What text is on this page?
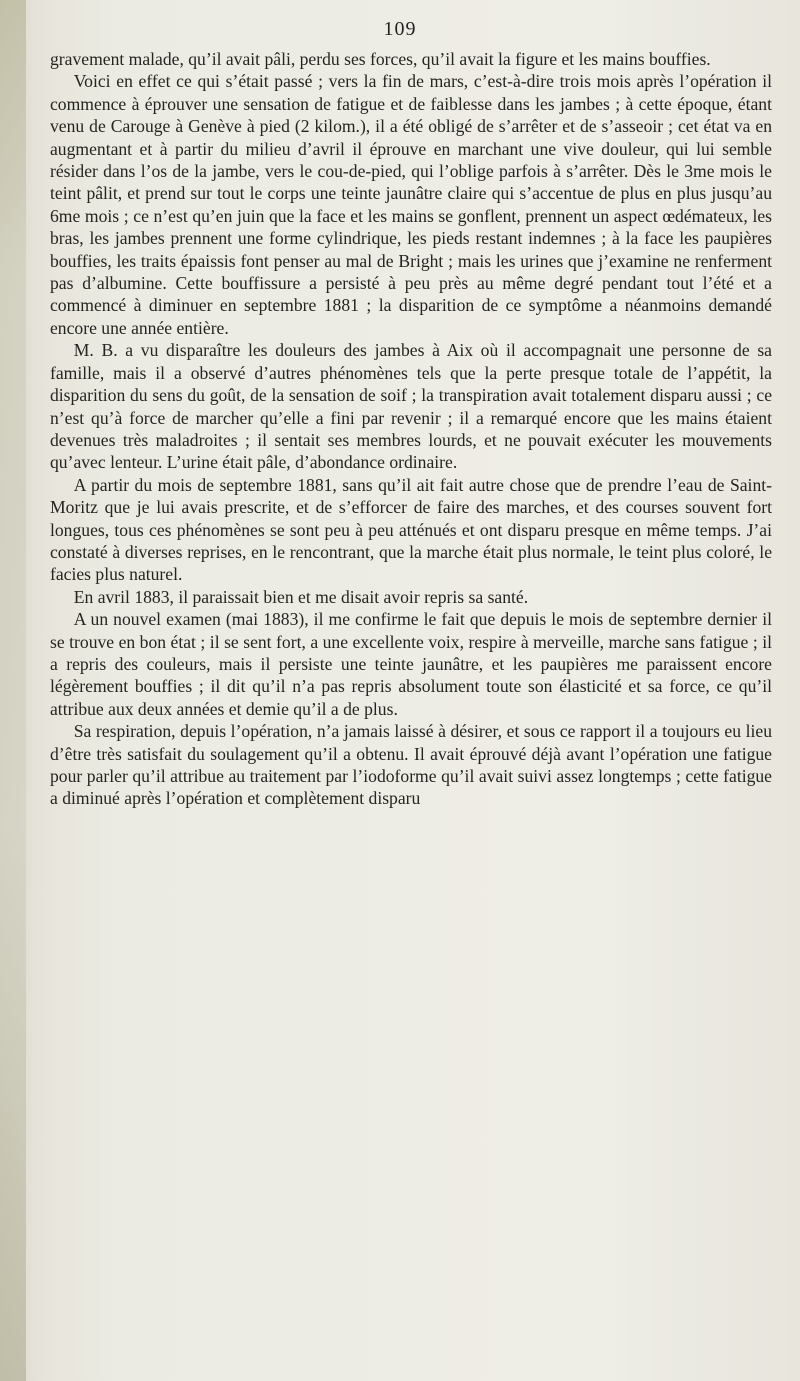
109

gravement malade, qu’il avait pâli, perdu ses forces, qu’il avait la figure et les mains bouffies.

Voici en effet ce qui s’était passé ; vers la fin de mars, c’est-à-dire trois mois après l’opération il commence à éprouver une sensation de fatigue et de faiblesse dans les jambes ; à cette époque, étant venu de Carouge à Genève à pied (2 kilom.), il a été obligé de s’arrêter et de s’asseoir ; cet état va en augmentant et à partir du milieu d’avril il éprouve en marchant une vive douleur, qui lui semble résider dans l’os de la jambe, vers le cou-de-pied, qui l’oblige parfois à s’arrêter. Dès le 3me mois le teint pâlit, et prend sur tout le corps une teinte jaunâtre claire qui s’accentue de plus en plus jusqu’au 6me mois ; ce n’est qu’en juin que la face et les mains se gonflent, prennent un aspect œdémateux, les bras, les jambes prennent une forme cylindrique, les pieds restant indemnes ; à la face les paupières bouffies, les traits épaissis font penser au mal de Bright ; mais les urines que j’examine ne renferment pas d’albumine. Cette bouffissure a persisté à peu près au même degré pendant tout l’été et a commencé à diminuer en septembre 1881 ; la disparition de ce symptôme a néanmoins demandé encore une année entière.

M. B. a vu disparaître les douleurs des jambes à Aix où il accompagnait une personne de sa famille, mais il a observé d’autres phénomènes tels que la perte presque totale de l’appétit, la disparition du sens du goût, de la sensation de soif ; la transpiration avait totalement disparu aussi ; ce n’est qu’à force de marcher qu’elle a fini par revenir ; il a remarqué encore que les mains étaient devenues très maladroites ; il sentait ses membres lourds, et ne pouvait exécuter les mouvements qu’avec lenteur. L’urine était pâle, d’abondance ordinaire.

A partir du mois de septembre 1881, sans qu’il ait fait autre chose que de prendre l’eau de Saint-Moritz que je lui avais prescrite, et de s’efforcer de faire des marches, et des courses souvent fort longues, tous ces phénomènes se sont peu à peu atténués et ont disparu presque en même temps. J’ai constaté à diverses reprises, en le rencontrant, que la marche était plus normale, le teint plus coloré, le facies plus naturel.

En avril 1883, il paraissait bien et me disait avoir repris sa santé.

A un nouvel examen (mai 1883), il me confirme le fait que depuis le mois de septembre dernier il se trouve en bon état ; il se sent fort, a une excellente voix, respire à merveille, marche sans fatigue ; il a repris des couleurs, mais il persiste une teinte jaunâtre, et les paupières me paraissent encore légèrement bouffies ; il dit qu’il n’a pas repris absolument toute son élasticité et sa force, ce qu’il attribue aux deux années et demie qu’il a de plus.

Sa respiration, depuis l’opération, n’a jamais laissé à désirer, et sous ce rapport il a toujours eu lieu d’être très satisfait du soulagement qu’il a obtenu. Il avait éprouvé déjà avant l’opération une fatigue pour parler qu’il attribue au traitement par l’iodoforme qu’il avait suivi assez longtemps ; cette fatigue a diminué après l’opération et complètement disparu
